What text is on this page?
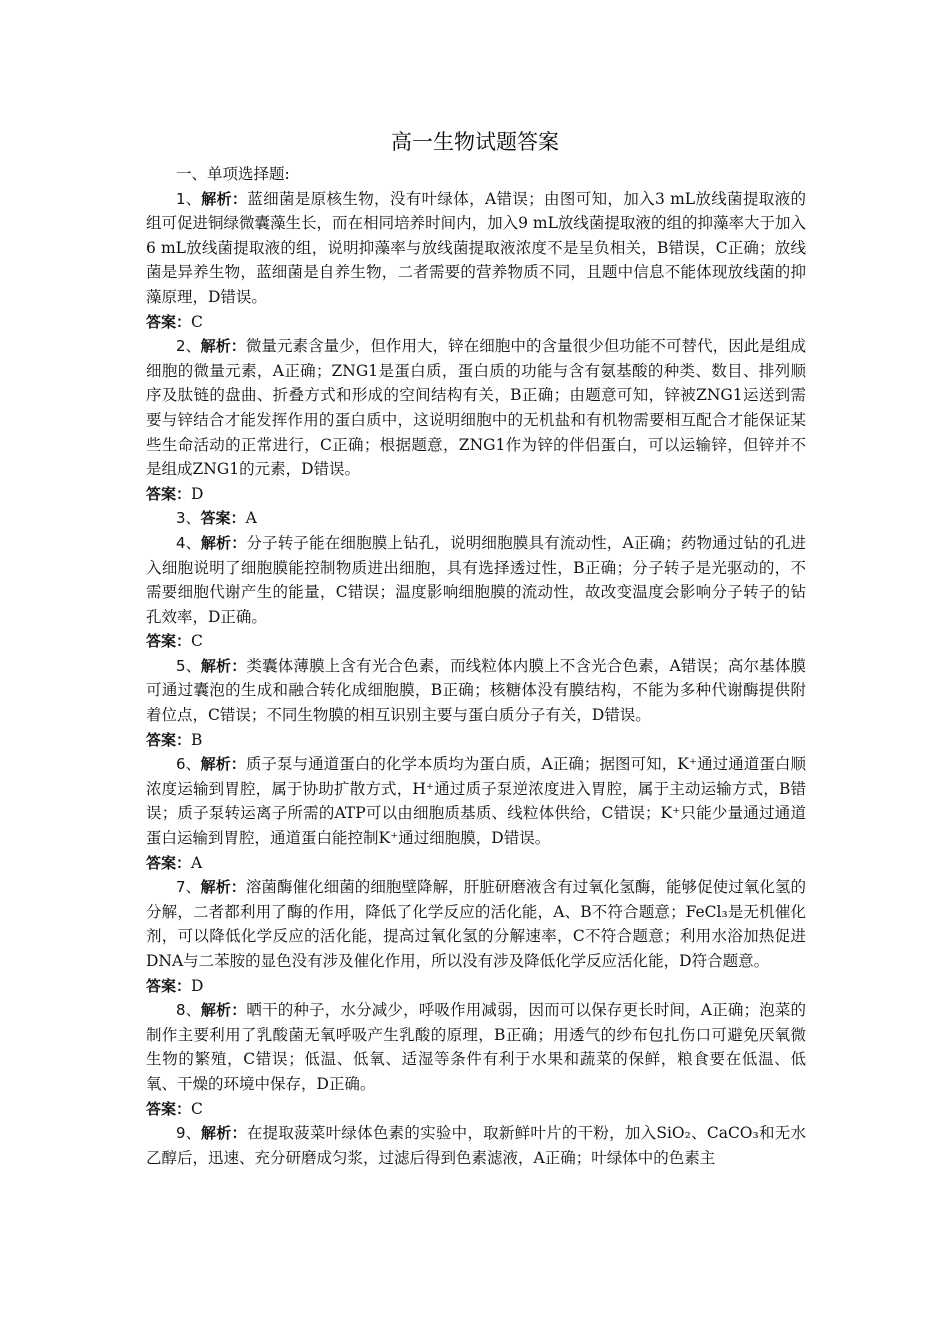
高一生物试题答案
一、单项选择题:

1、解析：蓝细菌是原核生物，没有叶绿体，A错误；由图可知，加入3 mL放线菌提取液的组可促进铜绿微囊藻生长，而在相同培养时间内，加入9 mL放线菌提取液的组的抑藻率大于加入6 mL放线菌提取液的组，说明抑藻率与放线菌提取液浓度不是呈负相关，B错误，C正确；放线菌是异养生物，蓝细菌是自养生物，二者需要的营养物质不同，且题中信息不能体现放线菌的抑藻原理，D错误。

答案：C

2、解析：微量元素含量少，但作用大，锌在细胞中的含量很少但功能不可替代，因此是组成细胞的微量元素，A正确；ZNG1是蛋白质，蛋白质的功能与含有氨基酸的种类、数目、排列顺序及肽链的盘曲、折叠方式和形成的空间结构有关，B正确；由题意可知，锌被ZNG1运送到需要与锌结合才能发挥作用的蛋白质中，这说明细胞中的无机盐和有机物需要相互配合才能保证某些生命活动的正常进行，C正确；根据题意，ZNG1作为锌的伴侣蛋白，可以运输锌，但锌并不是组成ZNG1的元素，D错误。

答案：D

3、答案：A

4、解析：分子转子能在细胞膜上钻孔，说明细胞膜具有流动性，A正确；药物通过钻的孔进入细胞说明了细胞膜能控制物质进出细胞，具有选择透过性，B正确；分子转子是光驱动的，不需要细胞代谢产生的能量，C错误；温度影响细胞膜的流动性，故改变温度会影响分子转子的钻孔效率，D正确。

答案：C

5、解析：类囊体薄膜上含有光合色素，而线粒体内膜上不含光合色素，A错误；高尔基体膜可通过囊泡的生成和融合转化成细胞膜，B正确；核糖体没有膜结构，不能为多种代谢酶提供附着位点，C错误；不同生物膜的相互识别主要与蛋白质分子有关，D错误。

答案：B

6、解析：质子泵与通道蛋白的化学本质均为蛋白质，A正确；据图可知，K⁺通过通道蛋白顺浓度运输到胃腔，属于协助扩散方式，H⁺通过质子泵逆浓度进入胃腔，属于主动运输方式，B错误；质子泵转运离子所需的ATP可以由细胞质基质、线粒体供给，C错误；K⁺只能少量通过通道蛋白运输到胃腔，通道蛋白能控制K⁺通过细胞膜，D错误。

答案：A

7、解析：溶菌酶催化细菌的细胞壁降解，肝脏研磨液含有过氧化氢酶，能够促使过氧化氢的分解，二者都利用了酶的作用，降低了化学反应的活化能，A、B不符合题意；FeCl₃是无机催化剂，可以降低化学反应的活化能，提高过氧化氢的分解速率，C不符合题意；利用水浴加热促进DNA与二苯胺的显色没有涉及催化作用，所以没有涉及降低化学反应活化能，D符合题意。

答案：D

8、解析：晒干的种子，水分减少，呼吸作用减弱，因而可以保存更长时间，A正确；泡菜的制作主要利用了乳酸菌无氧呼吸产生乳酸的原理，B正确；用透气的纱布包扎伤口可避免厌氧微生物的繁殖，C错误；低温、低氧、适湿等条件有利于水果和蔬菜的保鲜，粮食要在低温、低氧、干燥的环境中保存，D正确。

答案：C

9、解析：在提取菠菜叶绿体色素的实验中，取新鲜叶片的干粉，加入SiO₂、CaCO₃和无水乙醇后，迅速、充分研磨成匀浆，过滤后得到色素滤液，A正确；叶绿体中的色素主
